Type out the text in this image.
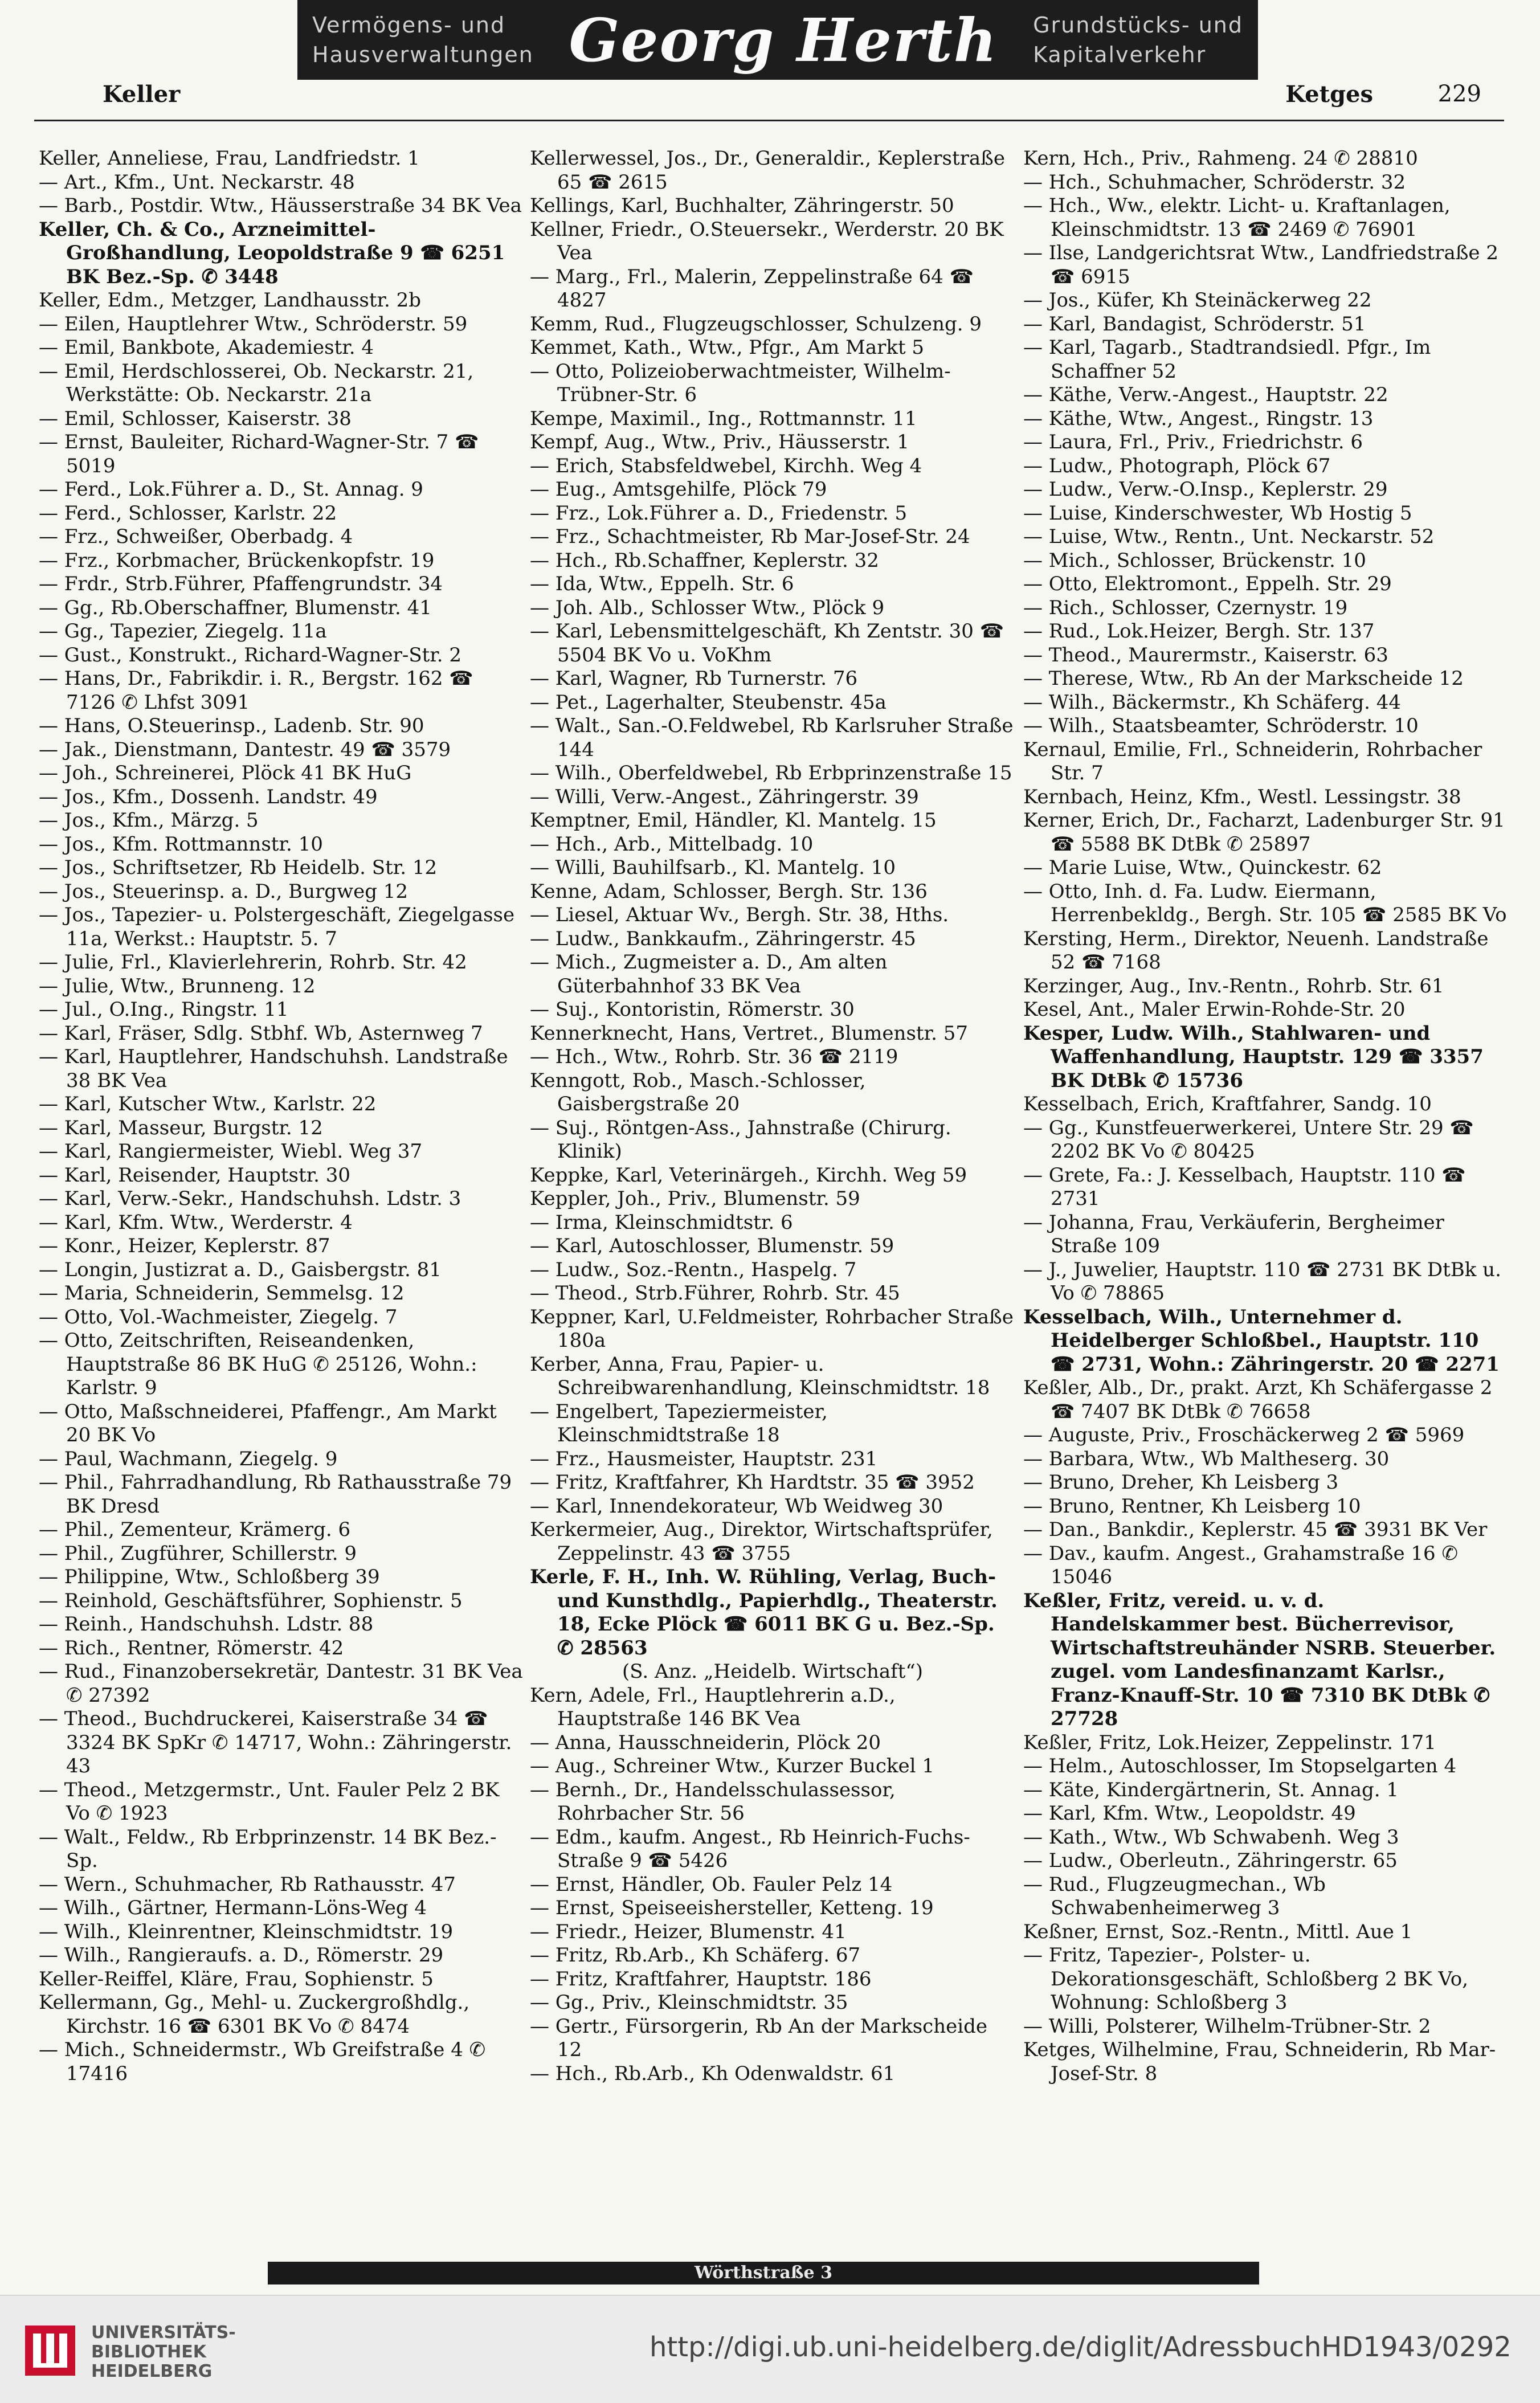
Vermögens- und
Hausverwaltungen Georg Herth Grundstücks- und
Kapitalverkehr
Keller	Ketges	229
Keller, Anneliese, Frau, Landfriedstr. 1
— Art., Kfm., Unt. Neckarstr. 48
— Barb., Postdir. Wtw., Häusserstraße 34 BK Vea
Keller, Ch. & Co., Arzneimittel-Großhandlung, Leopoldstraße 9 ☎ 6251 BK Bez.-Sp. ✆ 3448
Keller, Edm., Metzger, Landhausstr. 2b
— Eilen, Hauptlehrer Wtw., Schröderstr. 59
— Emil, Bankbote, Akademiestr. 4
— Emil, Herdschlosserei, Ob. Neckarstr. 21, Werkstätte: Ob. Neckarstr. 21a
— Emil, Schlosser, Kaiserstr. 38
— Ernst, Bauleiter, Richard-Wagner-Str. 7 ☎ 5019
— Ferd., Lok.Führer a. D., St. Annag. 9
— Ferd., Schlosser, Karlstr. 22
— Frz., Schweißer, Oberbadg. 4
— Frz., Korbmacher, Brückenkopfstr. 19
— Frdr., Strb.Führer, Pfaffengrundstr. 34
— Gg., Rb.Oberschaffner, Blumenstr. 41
— Gg., Tapezier, Ziegelg. 11a
— Gust., Konstrukt., Richard-Wagner-Str. 2
— Hans, Dr., Fabrikdir. i. R., Bergstr. 162 ☎ 7126 ✆ Lhfst 3091
— Hans, O.Steuerinsp., Ladenb. Str. 90
— Jak., Dienstmann, Dantestr. 49 ☎ 3579
— Joh., Schreinerei, Plöck 41 BK HuG
— Jos., Kfm., Dossenh. Landstr. 49
— Jos., Kfm., Märzg. 5
— Jos., Kfm. Rottmannstr. 10
— Jos., Schriftsetzer, Rb Heidelb. Str. 12
— Jos., Steuerinsp. a. D., Burgweg 12
— Jos., Tapezier- u. Polstergeschäft, Ziegelgasse 11a, Werkst.: Hauptstr. 5. 7
— Julie, Frl., Klavierlehrerin, Rohrb. Str. 42
— Julie, Wtw., Brunneng. 12
— Jul., O.Ing., Ringstr. 11
— Karl, Fräser, Sdlg. Stbhf. Wb, Asternweg 7
— Karl, Hauptlehrer, Handschuhsh. Landstraße 38 BK Vea
— Karl, Kutscher Wtw., Karlstr. 22
— Karl, Masseur, Burgstr. 12
— Karl, Rangiermeister, Wiebl. Weg 37
— Karl, Reisender, Hauptstr. 30
— Karl, Verw.-Sekr., Handschuhsh. Ldstr. 3
— Karl, Kfm. Wtw., Werderstr. 4
— Konr., Heizer, Keplerstr. 87
— Longin, Justizrat a. D., Gaisbergstr. 81
— Maria, Schneiderin, Semmelsg. 12
— Otto, Vol.-Wachmeister, Ziegelg. 7
— Otto, Zeitschriften, Reiseandenken, Hauptstraße 86 BK HuG ✆ 25126, Wohn.: Karlstr. 9
— Otto, Maßschneiderei, Pfaffengr., Am Markt 20 BK Vo
— Paul, Wachmann, Ziegelg. 9
— Phil., Fahrradhandlung, Rb Rathausstraße 79 BK Dresd
— Phil., Zementeur, Krämerg. 6
— Phil., Zugführer, Schillerstr. 9
— Philippine, Wtw., Schloßberg 39
— Reinhold, Geschäftsführer, Sophienstr. 5
— Reinh., Handschuhsh. Ldstr. 88
— Rich., Rentner, Römerstr. 42
— Rud., Finanzobersekretär, Dantestr. 31 BK Vea ✆ 27392
— Theod., Buchdruckerei, Kaiserstraße 34 ☎ 3324 BK SpKr ✆ 14717, Wohn.: Zähringerstr. 43
— Theod., Metzgermstr., Unt. Fauler Pelz 2 BK Vo ✆ 1923
— Walt., Feldw., Rb Erbprinzenstr. 14 BK Bez.-Sp.
— Wern., Schuhmacher, Rb Rathausstr. 47
— Wilh., Gärtner, Hermann-Löns-Weg 4
— Wilh., Kleinrentner, Kleinschmidtstr. 19
— Wilh., Rangieraufs. a. D., Römerstr. 29
Keller-Reiffel, Kläre, Frau, Sophienstr. 5
Kellermann, Gg., Mehl- u. Zuckergroßhdlg., Kirchstr. 16 ☎ 6301 BK Vo ✆ 8474
— Mich., Schneidermstr., Wb Greifstraße 4 ✆ 17416
Kellerwessel, Jos., Dr., Generaldir., Keplerstraße 65 ☎ 2615
Kellings, Karl, Buchhalter, Zähringerstr. 50
Kellner, Friedr., O.Steuersekr., Werderstr. 20 BK Vea
— Marg., Frl., Malerin, Zeppelinstraße 64 ☎ 4827
Kemm, Rud., Flugzeugschlosser, Schulzeng. 9
Kemmet, Kath., Wtw., Pfgr., Am Markt 5
— Otto, Polizeioberwachtmeister, Wilhelm-Trübner-Str. 6
Kempe, Maximil., Ing., Rottmannstr. 11
Kempf, Aug., Wtw., Priv., Häusserstr. 1
— Erich, Stabsfeldwebel, Kirchh. Weg 4
— Eug., Amtsgehilfe, Plöck 79
— Frz., Lok.Führer a. D., Friedenstr. 5
— Frz., Schachtmeister, Rb Mar-Josef-Str. 24
— Hch., Rb.Schaffner, Keplerstr. 32
— Ida, Wtw., Eppelh. Str. 6
— Joh. Alb., Schlosser Wtw., Plöck 9
— Karl, Lebensmittelgeschäft, Kh Zentstr. 30 ☎ 5504 BK Vo u. VoKhm
— Karl, Wagner, Rb Turnerstr. 76
— Pet., Lagerhalter, Steubenstr. 45a
— Walt., San.-O.Feldwebel, Rb Karlsruher Straße 144
— Wilh., Oberfeldwebel, Rb Erbprinzenstraße 15
— Willi, Verw.-Angest., Zähringerstr. 39
Kemptner, Emil, Händler, Kl. Mantelg. 15
— Hch., Arb., Mittelbadg. 10
— Willi, Bauhilfsarb., Kl. Mantelg. 10
Kenne, Adam, Schlosser, Bergh. Str. 136
— Liesel, Aktuar Wv., Bergh. Str. 38, Hths.
— Ludw., Bankkaufm., Zähringerstr. 45
— Mich., Zugmeister a. D., Am alten Güterbahnhof 33 BK Vea
— Suj., Kontoristin, Römerstr. 30
Kennerknecht, Hans, Vertret., Blumenstr. 57
— Hch., Wtw., Rohrb. Str. 36 ☎ 2119
Kenngott, Rob., Masch.-Schlosser, Gaisbergstraße 20
— Suj., Röntgen-Ass., Jahnstraße (Chirurg. Klinik)
Keppke, Karl, Veterinärgeh., Kirchh. Weg 59
Keppler, Joh., Priv., Blumenstr. 59
— Irma, Kleinschmidtstr. 6
— Karl, Autoschlosser, Blumenstr. 59
— Ludw., Soz.-Rentn., Haspelg. 7
— Theod., Strb.Führer, Rohrb. Str. 45
Keppner, Karl, U.Feldmeister, Rohrbacher Straße 180a
Kerber, Anna, Frau, Papier- u. Schreibwarenhandlung, Kleinschmidtstr. 18
— Engelbert, Tapeziermeister, Kleinschmidtstraße 18
— Frz., Hausmeister, Hauptstr. 231
— Fritz, Kraftfahrer, Kh Hardtstr. 35 ☎ 3952
— Karl, Innendekorateur, Wb Weidweg 30
Kerkermeier, Aug., Direktor, Wirtschaftsprüfer, Zeppelinstr. 43 ☎ 3755
Kerle, F. H., Inh. W. Rühling, Verlag, Buch- und Kunsthdlg., Papierhdlg., Theaterstr. 18, Ecke Plöck ☎ 6011 BK G u. Bez.-Sp. ✆ 28563
(S. Anz. „Heidelb. Wirtschaft“)
Kern, Adele, Frl., Hauptlehrerin a.D., Hauptstraße 146 BK Vea
— Anna, Hausschneiderin, Plöck 20
— Aug., Schreiner Wtw., Kurzer Buckel 1
— Bernh., Dr., Handelsschulassessor, Rohrbacher Str. 56
— Edm., kaufm. Angest., Rb Heinrich-Fuchs-Straße 9 ☎ 5426
— Ernst, Händler, Ob. Fauler Pelz 14
— Ernst, Speiseeishersteller, Ketteng. 19
— Friedr., Heizer, Blumenstr. 41
— Fritz, Rb.Arb., Kh Schäferg. 67
— Fritz, Kraftfahrer, Hauptstr. 186
— Gg., Priv., Kleinschmidtstr. 35
— Gertr., Fürsorgerin, Rb An der Markscheide 12
— Hch., Rb.Arb., Kh Odenwaldstr. 61
Kern, Hch., Priv., Rahmeng. 24 ✆ 28810
— Hch., Schuhmacher, Schröderstr. 32
— Hch., Ww., elektr. Licht- u. Kraftanlagen, Kleinschmidtstr. 13 ☎ 2469 ✆ 76901
— Ilse, Landgerichtsrat Wtw., Landfriedstraße 2 ☎ 6915
— Jos., Küfer, Kh Steinäckerweg 22
— Karl, Bandagist, Schröderstr. 51
— Karl, Tagarb., Stadtrandsiedl. Pfgr., Im Schaffner 52
— Käthe, Verw.-Angest., Hauptstr. 22
— Käthe, Wtw., Angest., Ringstr. 13
— Laura, Frl., Priv., Friedrichstr. 6
— Ludw., Photograph, Plöck 67
— Ludw., Verw.-O.Insp., Keplerstr. 29
— Luise, Kinderschwester, Wb Hostig 5
— Luise, Wtw., Rentn., Unt. Neckarstr. 52
— Mich., Schlosser, Brückenstr. 10
— Otto, Elektromont., Eppelh. Str. 29
— Rich., Schlosser, Czernystr. 19
— Rud., Lok.Heizer, Bergh. Str. 137
— Theod., Maurermstr., Kaiserstr. 63
— Therese, Wtw., Rb An der Markscheide 12
— Wilh., Bäckermstr., Kh Schäferg. 44
— Wilh., Staatsbeamter, Schröderstr. 10
Kernaul, Emilie, Frl., Schneiderin, Rohrbacher Str. 7
Kernbach, Heinz, Kfm., Westl. Lessingstr. 38
Kerner, Erich, Dr., Facharzt, Ladenburger Str. 91 ☎ 5588 BK DtBk ✆ 25897
— Marie Luise, Wtw., Quinckestr. 62
— Otto, Inh. d. Fa. Ludw. Eiermann, Herrenbekldg., Bergh. Str. 105 ☎ 2585 BK Vo
Kersting, Herm., Direktor, Neuenh. Landstraße 52 ☎ 7168
Kerzinger, Aug., Inv.-Rentn., Rohrb. Str. 61
Kesel, Ant., Maler Erwin-Rohde-Str. 20
Kesper, Ludw. Wilh., Stahlwaren- und Waffenhandlung, Hauptstr. 129 ☎ 3357 BK DtBk ✆ 15736
Kesselbach, Erich, Kraftfahrer, Sandg. 10
— Gg., Kunstfeuerwerkerei, Untere Str. 29 ☎ 2202 BK Vo ✆ 80425
— Grete, Fa.: J. Kesselbach, Hauptstr. 110 ☎ 2731
— Johanna, Frau, Verkäuferin, Bergheimer Straße 109
— J., Juwelier, Hauptstr. 110 ☎ 2731 BK DtBk u. Vo ✆ 78865
Kesselbach, Wilh., Unternehmer d. Heidelberger Schloßbel., Hauptstr. 110 ☎ 2731, Wohn.: Zähringerstr. 20 ☎ 2271
Keßler, Alb., Dr., prakt. Arzt, Kh Schäfergasse 2 ☎ 7407 BK DtBk ✆ 76658
— Auguste, Priv., Froschäckerweg 2 ☎ 5969
— Barbara, Wtw., Wb Maltheserg. 30
— Bruno, Dreher, Kh Leisberg 3
— Bruno, Rentner, Kh Leisberg 10
— Dan., Bankdir., Keplerstr. 45 ☎ 3931 BK Ver
— Dav., kaufm. Angest., Grahamstraße 16 ✆ 15046
Keßler, Fritz, vereid. u. v. d. Handelskammer best. Bücherrevisor, Wirtschaftstreuhänder NSRB. Steuerber. zugel. vom Landesfinanzamt Karlsr., Franz-Knauff-Str. 10 ☎ 7310 BK DtBk ✆ 27728
Keßler, Fritz, Lok.Heizer, Zeppelinstr. 171
— Helm., Autoschlosser, Im Stopselgarten 4
— Käte, Kindergärtnerin, St. Annag. 1
— Karl, Kfm. Wtw., Leopoldstr. 49
— Kath., Wtw., Wb Schwabenh. Weg 3
— Ludw., Oberleutn., Zähringerstr. 65
— Rud., Flugzeugmechan., Wb Schwabenheimerweg 3
Keßner, Ernst, Soz.-Rentn., Mittl. Aue 1
— Fritz, Tapezier-, Polster- u. Dekorationsgeschäft, Schloßberg 2 BK Vo, Wohnung: Schloßberg 3
— Willi, Polsterer, Wilhelm-Trübner-Str. 2
Ketges, Wilhelmine, Frau, Schneiderin, Rb Mar-Josef-Str. 8
Wörthstraße 3
UNIVERSITÄTS-
BIBLIOTHEK
HEIDELBERG
http://digi.ub.uni-heidelberg.de/diglit/AdressbuchHD1943/0292
